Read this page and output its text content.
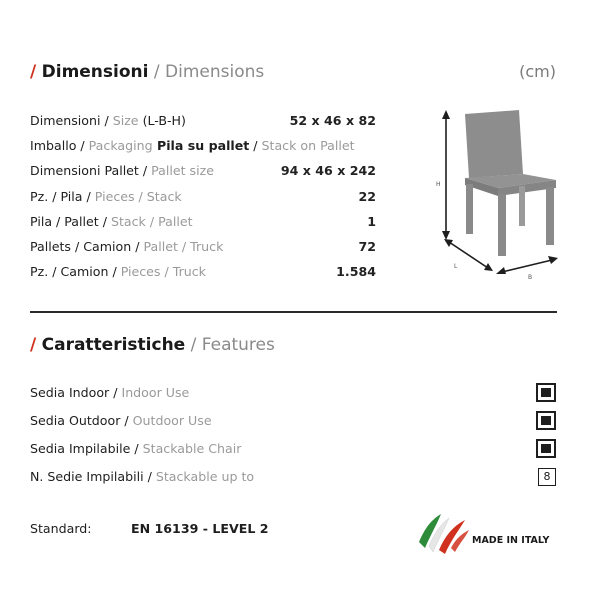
/ Dimensioni / Dimensions	(cm)
Dimensioni / Size (L-B-H)	52 x 46 x 82
Imballo / Packaging Pila su pallet / Stack on Pallet
Dimensioni Pallet / Pallet size	94 x 46 x 242
Pz. / Pila / Pieces / Stack	22
Pila / Pallet / Stack / Pallet	1
Pallets / Camion / Pallet / Truck	72
Pz. / Camion / Pieces / Truck	1.584
H
L
B
/ Caratteristiche / Features
Sedia Indoor / Indoor Use
Sedia Outdoor / Outdoor Use
Sedia Impilabile / Stackable Chair
N. Sedie Impilabili / Stackable up to	8
Standard:	EN 16139 - LEVEL 2
MADE IN ITALY
